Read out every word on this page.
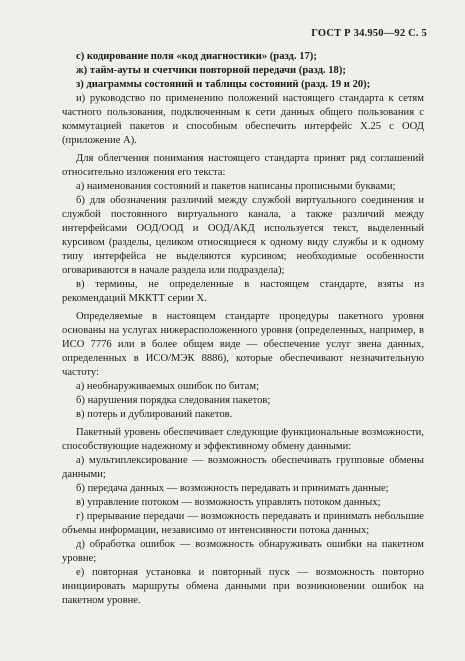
ГОСТ Р 34.950—92 С. 5

с) кодирование поля «код диагностики» (разд. 17);

ж) тайм-ауты и счетчики повторной передачи (разд. 18);

з) диаграммы состояний и таблицы состояний (разд. 19 и 20);

и) руководство по применению положений настоящего стандарта к сетям частного пользования, подключенным к сети данных общего пользования с коммутацией пакетов и способным обеспечить интерфейс X.25 с ООД (приложение А).

Для облегчения понимания настоящего стандарта принят ряд соглашений относительно изложения его текста:

а) наименования состояний и пакетов написаны прописными буквами;

б) для обозначения различий между службой виртуального соединения и службой постоянного виртуального канала, а также различий между интерфейсами ООД/ООД и ООД/АКД используется текст, выделенный курсивом (разделы, целиком относящиеся к одному виду службы и к одному типу интерфейса не выделяются курсивом; необходимые особенности оговариваются в начале раздела или подраздела);

в) термины, не определенные в настоящем стандарте, взяты из рекомендаций МККТТ серии X.

Определяемые в настоящем стандарте процедуры пакетного уровня основаны на услугах нижерасположенного уровня (определенных, например, в ИСО 7776 или в более общем виде — обеспечение услуг звена данных, определенных в ИСО/МЭК 8886), которые обеспечивают незначительную частоту:

а) необнаруживаемых ошибок по битам;

б) нарушения порядка следования пакетов;

в) потерь и дублирований пакетов.

Пакетный уровень обеспечивает следующие функциональные возможности, способствующие надежному и эффективному обмену данными:

а) мультиплексирование — возможность обеспечивать групповые обмены данными;

б) передача данных — возможность передавать и принимать данные;

в) управление потоком — возможность управлять потоком данных;

г) прерывание передачи — возможность передавать и принимать небольшие объемы информации, независимо от интенсивности потока данных;

д) обработка ошибок — возможность обнаруживать ошибки на пакетном уровне;

е) повторная установка и повторный пуск — возможность повторно инициировать маршруты обмена данными при возникновении ошибок на пакетном уровне.
